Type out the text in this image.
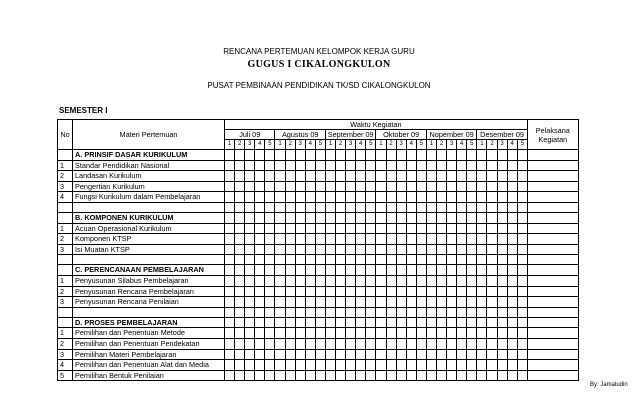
RENCANA PERTEMUAN KELOMPOK KERJA GURU
GUGUS I CIKALONGKULON
PUSAT PEMBINAAN PENDIDIKAN TK/SD CIKALONGKULON
SEMESTER I
No	Materi Pertemuan	Waktu Kegiatan																														Pelaksana Kegiatan
		Juli 09					Agustus 09					September 09					Oktober 09					Nopember 09					Desember 09					
		1	2	3	4	5	1	2	3	4	5	1	2	3	4	5	1	2	3	4	5	1	2	3	4	5	1	2	3	4	5	
	A. PRINSIF DASAR KURIKULUM																															
1	Standar Pendidikan Nasional																															
2	Landasan Kurikulum																															
3	Pengertian Kurikulum																															
4	Fungsi Kurikulum dalam Pembelajaran																															

	B. KOMPONEN KURIKULUM																															
1	Acuan Operasional Kurikulum																															
2	Komponen KTSP																															
3	Isi Muatan KTSP																															

	C. PERENCANAAN PEMBELAJARAN																															
1	Penyusunan Silabus Pembelajaran																															
2	Penyusunan Rencana Pembelajaran																															
3	Penyusunan Rencana Penilaian																															

	D. PROSES PEMBELAJARAN																															
1	Pemilihan dan Penentuan Metode																															
2	Pemilihan dan Penentuan Pendekatan																															
3	Pemilihan Materi Pembelajaran																															
4	Pemilihan dan Penentuan Alat dan Media																															
5	Pemilihan Bentuk Penilaian																															
By: Jamaludin
